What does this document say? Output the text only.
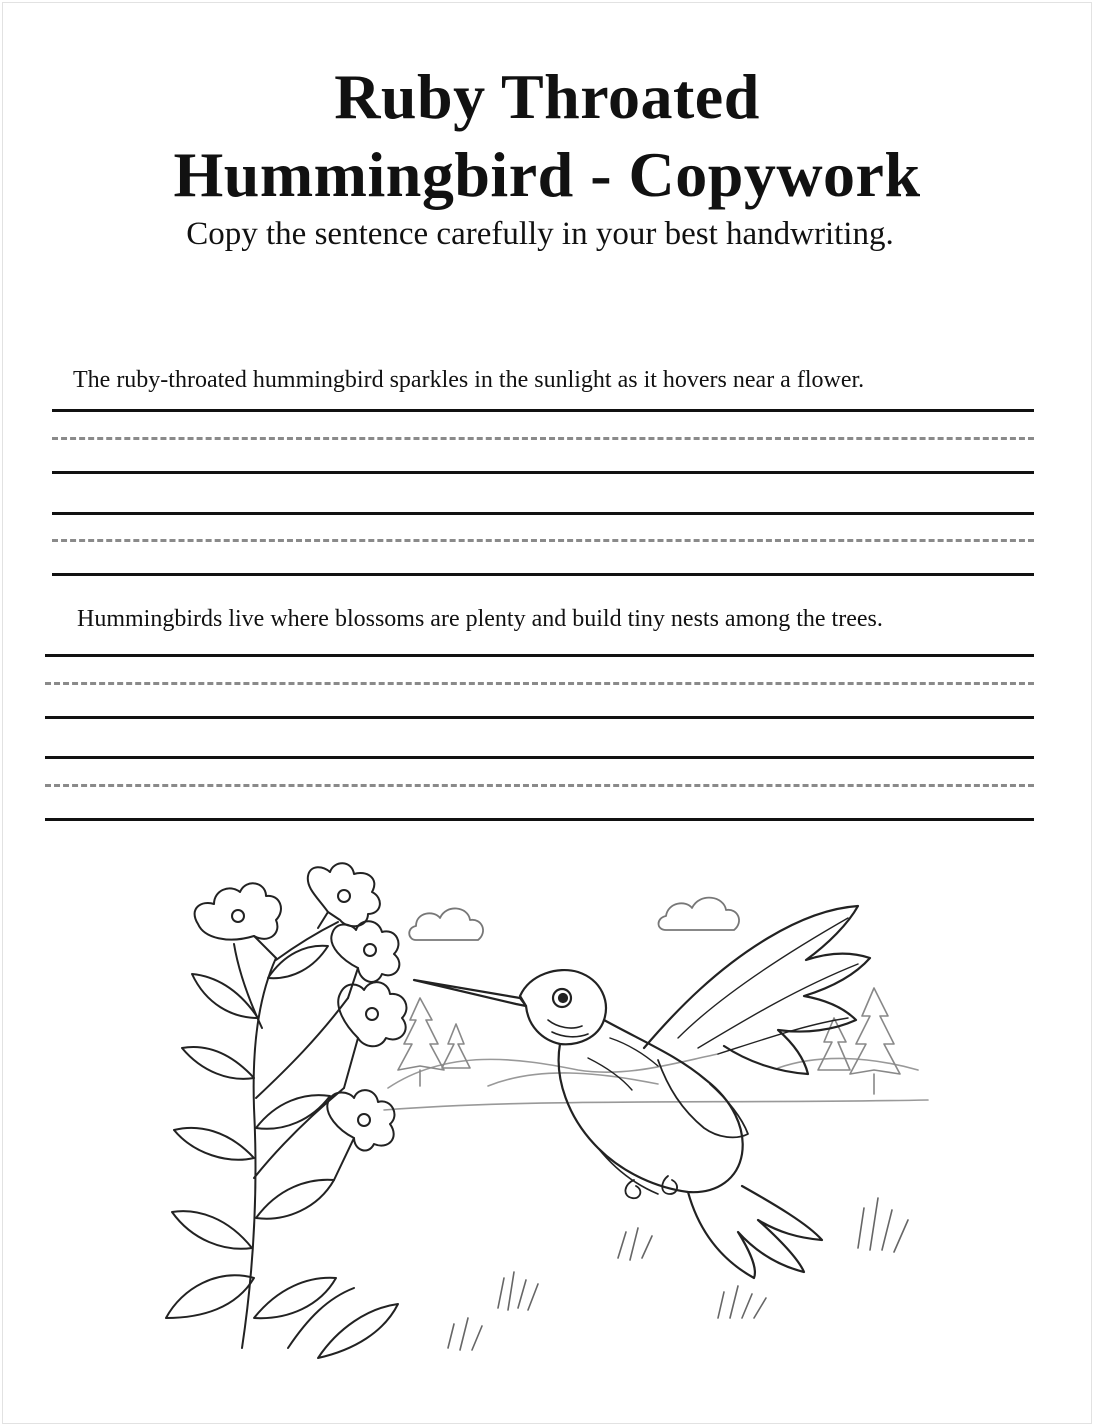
Ruby Throated
Hummingbird - Copywork
Copy the sentence carefully in your best handwriting.
The ruby-throated hummingbird sparkles in the sunlight as it hovers near a flower.
Hummingbirds live where blossoms are plenty and build tiny nests among the trees.
